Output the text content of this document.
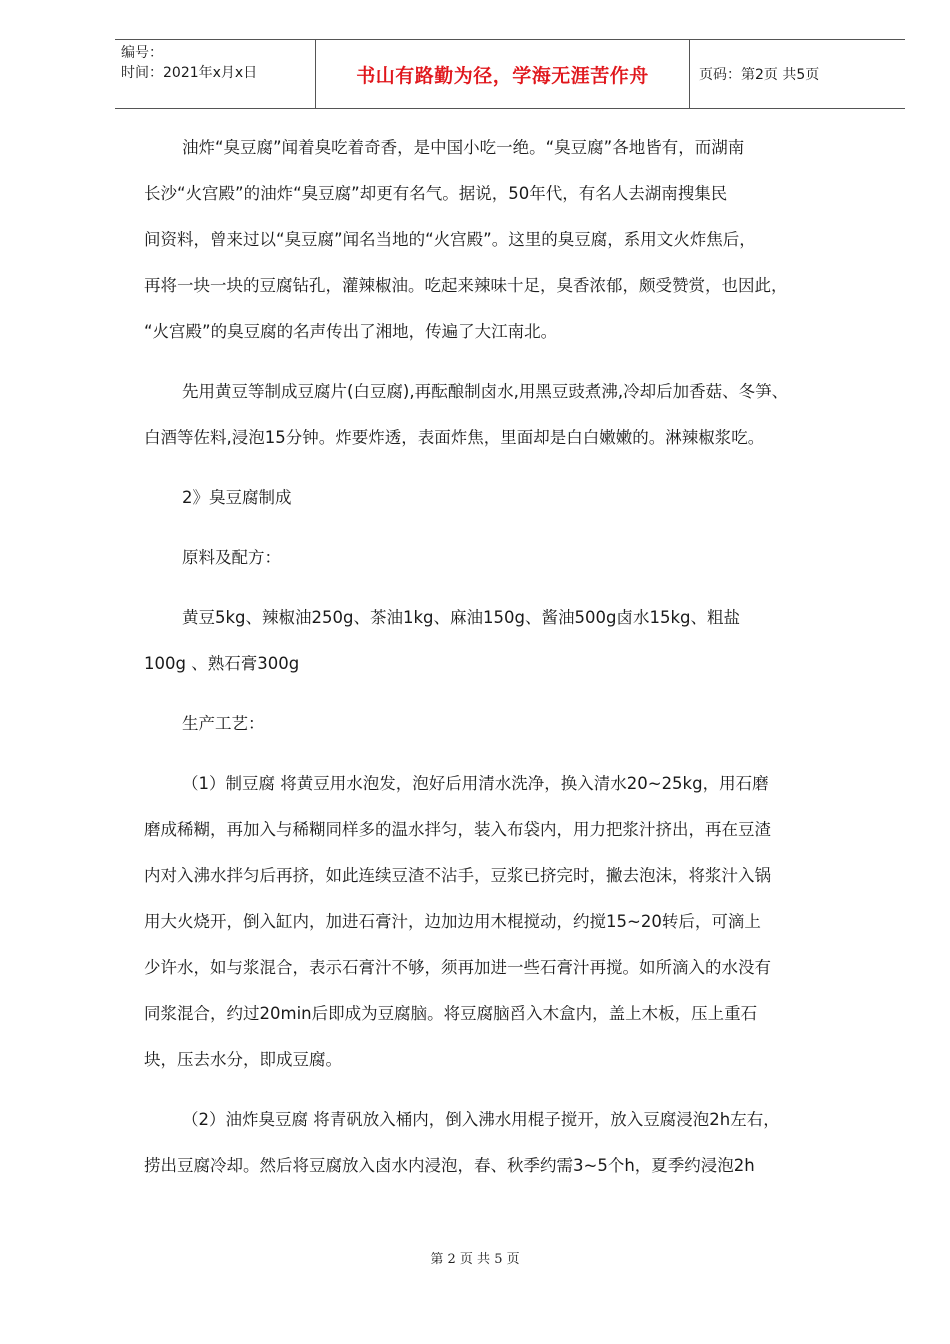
编号：
时间：2021年x月x日	书山有路勤为径，学海无涯苦作舟	页码：第2页 共5页
油炸“臭豆腐”闻着臭吃着奇香，是中国小吃一绝。“臭豆腐”各地皆有，而湖南
长沙“火宫殿”的油炸“臭豆腐”却更有名气。据说，50年代，有名人去湖南搜集民
间资料，曾来过以“臭豆腐”闻名当地的“火宫殿”。这里的臭豆腐，系用文火炸焦后，
再将一块一块的豆腐钻孔，灌辣椒油。吃起来辣味十足，臭香浓郁，颇受赞赏，也因此，
“火宫殿”的臭豆腐的名声传出了湘地，传遍了大江南北。
先用黄豆等制成豆腐片(白豆腐),再酝酿制卤水,用黑豆豉煮沸,冷却后加香菇、冬笋、
白酒等佐料,浸泡15分钟。炸要炸透，表面炸焦，里面却是白白嫩嫩的。淋辣椒浆吃。
2》臭豆腐制成
原料及配方：
黄豆5kg、辣椒油250g、茶油1kg、麻油150g、酱油500g卤水15kg、粗盐
100g 、熟石膏300g
生产工艺：
（1）制豆腐 将黄豆用水泡发，泡好后用清水洗净，换入清水20~25kg，用石磨
磨成稀糊，再加入与稀糊同样多的温水拌匀，装入布袋内，用力把浆汁挤出，再在豆渣
内对入沸水拌匀后再挤，如此连续豆渣不沾手，豆浆已挤完时，撇去泡沫，将浆汁入锅
用大火烧开，倒入缸内，加进石膏汁，边加边用木棍搅动，约搅15~20转后，可滴上
少许水，如与浆混合，表示石膏汁不够，须再加进一些石膏汁再搅。如所滴入的水没有
同浆混合，约过20min后即成为豆腐脑。将豆腐脑舀入木盒内，盖上木板，压上重石
块，压去水分，即成豆腐。
（2）油炸臭豆腐 将青矾放入桶内，倒入沸水用棍子搅开，放入豆腐浸泡2h左右，
捞出豆腐冷却。然后将豆腐放入卤水内浸泡，春、秋季约需3~5个h，夏季约浸泡2h
第 2 页 共 5 页
